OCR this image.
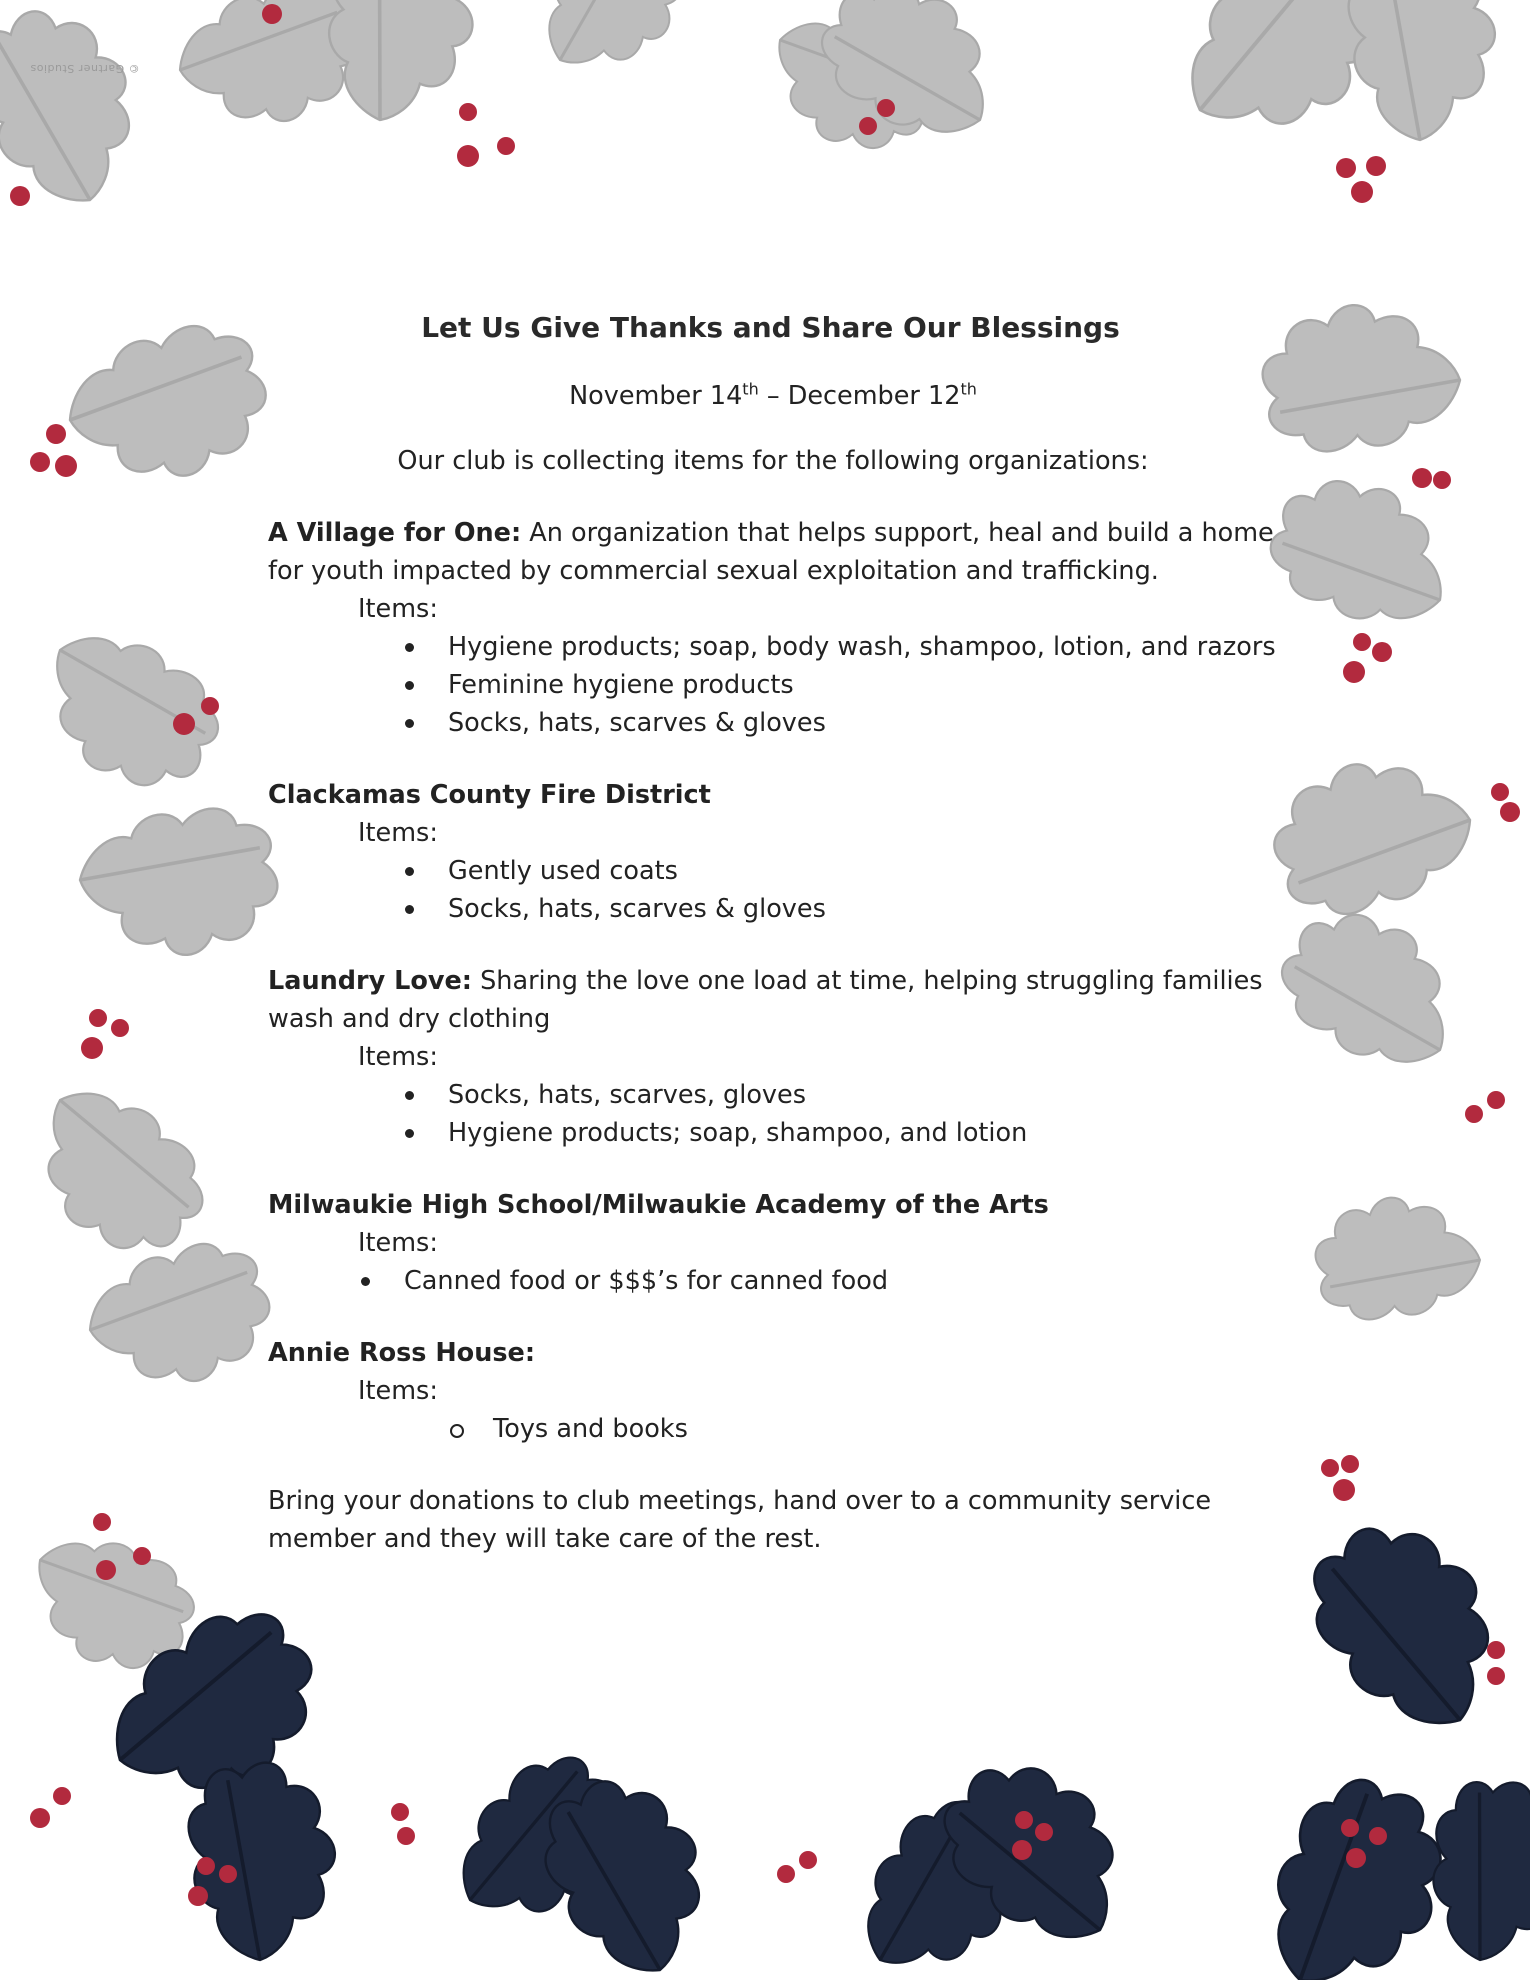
© Gartner Studios
Let Us Give Thanks and Share Our Blessings
November 14th – December 12th
Our club is collecting items for the following organizations:

A Village for One: An organization that helps support, heal and build a home for youth impacted by commercial sexual exploitation and trafficking.

Items:
Hygiene products; soap, body wash, shampoo, lotion, and razors
Feminine hygiene products
Socks, hats, scarves & gloves

Clackamas County Fire District

Items:
Gently used coats
Socks, hats, scarves & gloves

Laundry Love: Sharing the love one load at time, helping struggling families wash and dry clothing

Items:
Socks, hats, scarves, gloves
Hygiene products; soap, shampoo, and lotion

Milwaukie High School/Milwaukie Academy of the Arts

Items:
Canned food or $$$’s for canned food

Annie Ross House:

Items:
Toys and books

Bring your donations to club meetings, hand over to a community service member and they will take care of the rest.
